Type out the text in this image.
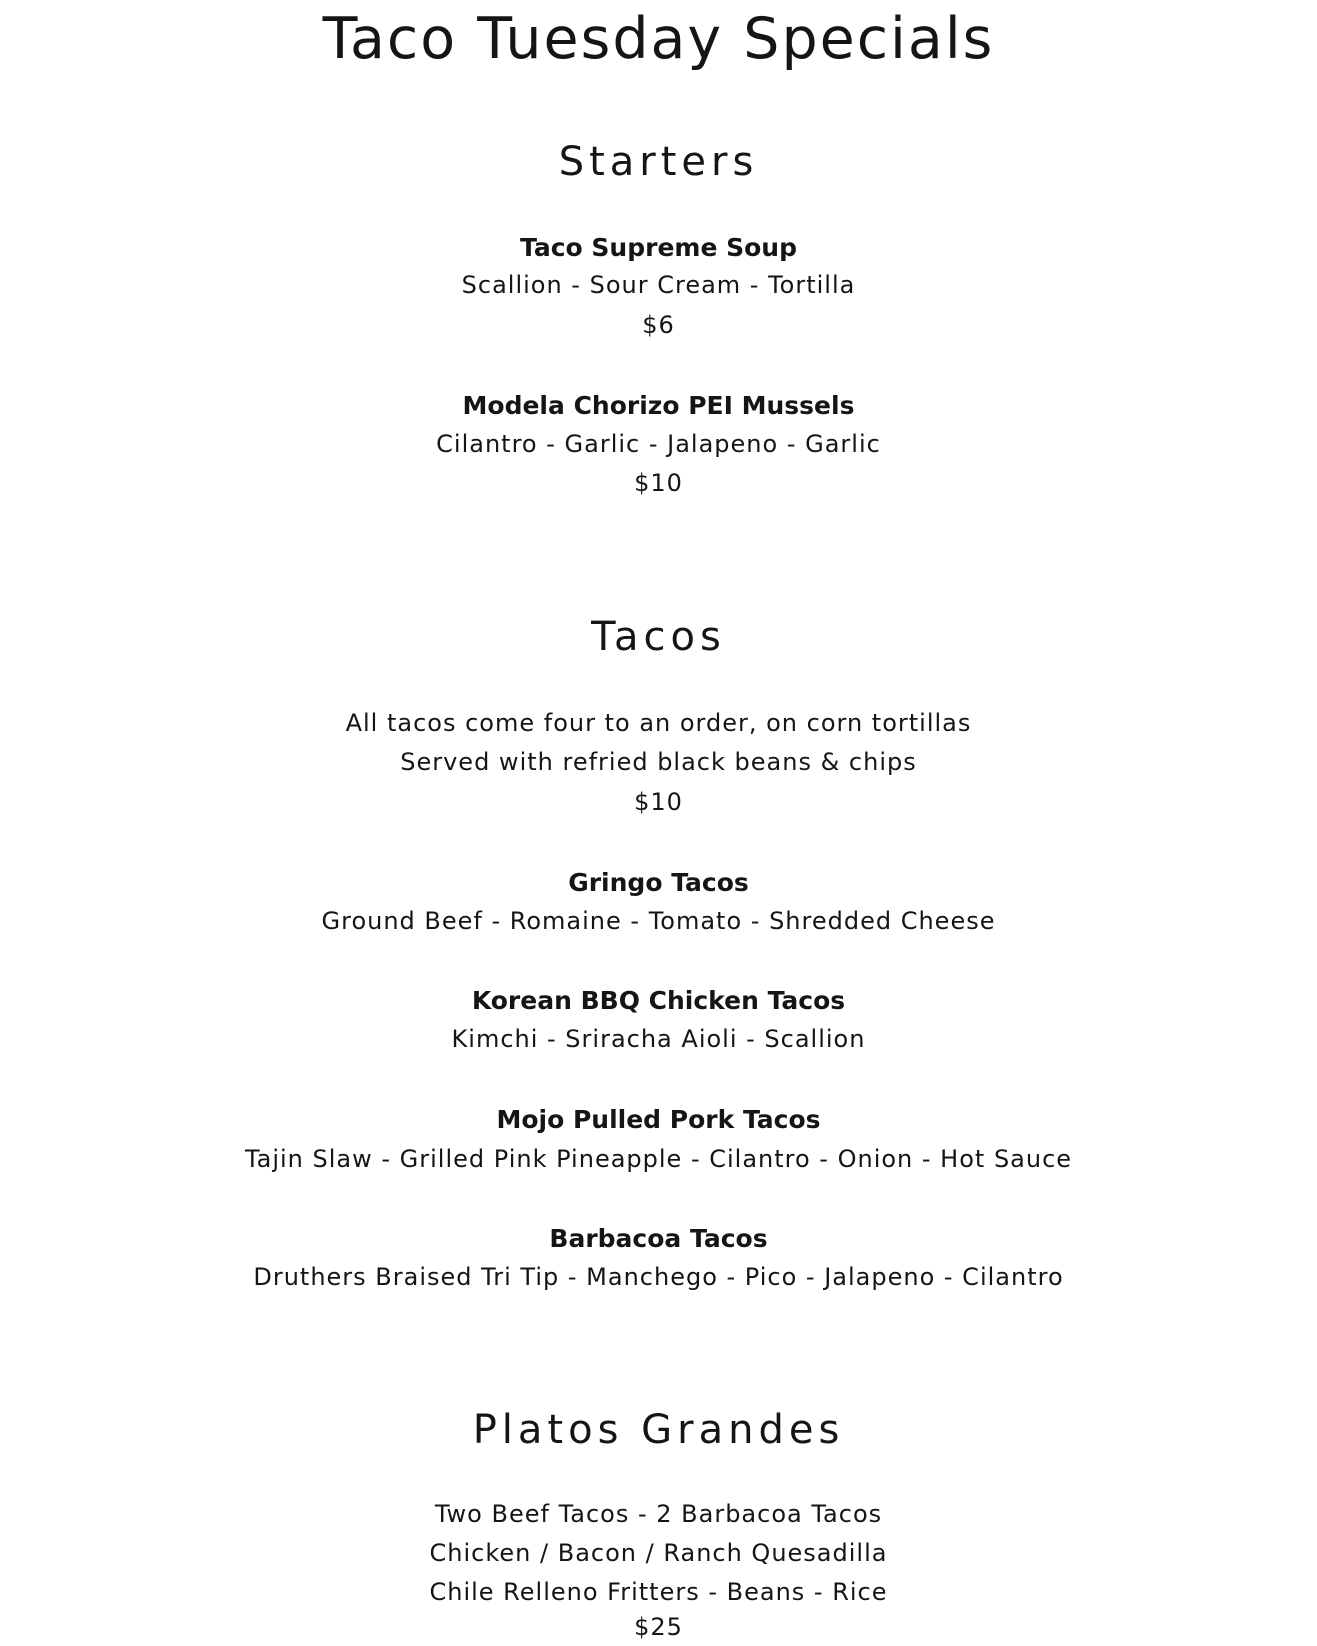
Taco Tuesday Specials
Starters
Taco Supreme Soup
Scallion - Sour Cream - Tortilla
$6
Modela Chorizo PEI Mussels
Cilantro - Garlic - Jalapeno - Garlic
$10
Tacos
All tacos come four to an order, on corn tortillas
Served with refried black beans & chips
$10
Gringo Tacos
Ground Beef - Romaine - Tomato - Shredded Cheese
Korean BBQ Chicken Tacos
Kimchi - Sriracha Aioli - Scallion
Mojo Pulled Pork Tacos
Tajin Slaw - Grilled Pink Pineapple - Cilantro - Onion - Hot Sauce
Barbacoa Tacos
Druthers Braised Tri Tip - Manchego - Pico - Jalapeno - Cilantro
Platos Grandes
Two Beef Tacos - 2 Barbacoa Tacos
Chicken / Bacon / Ranch Quesadilla
Chile Relleno Fritters - Beans - Rice
$25
